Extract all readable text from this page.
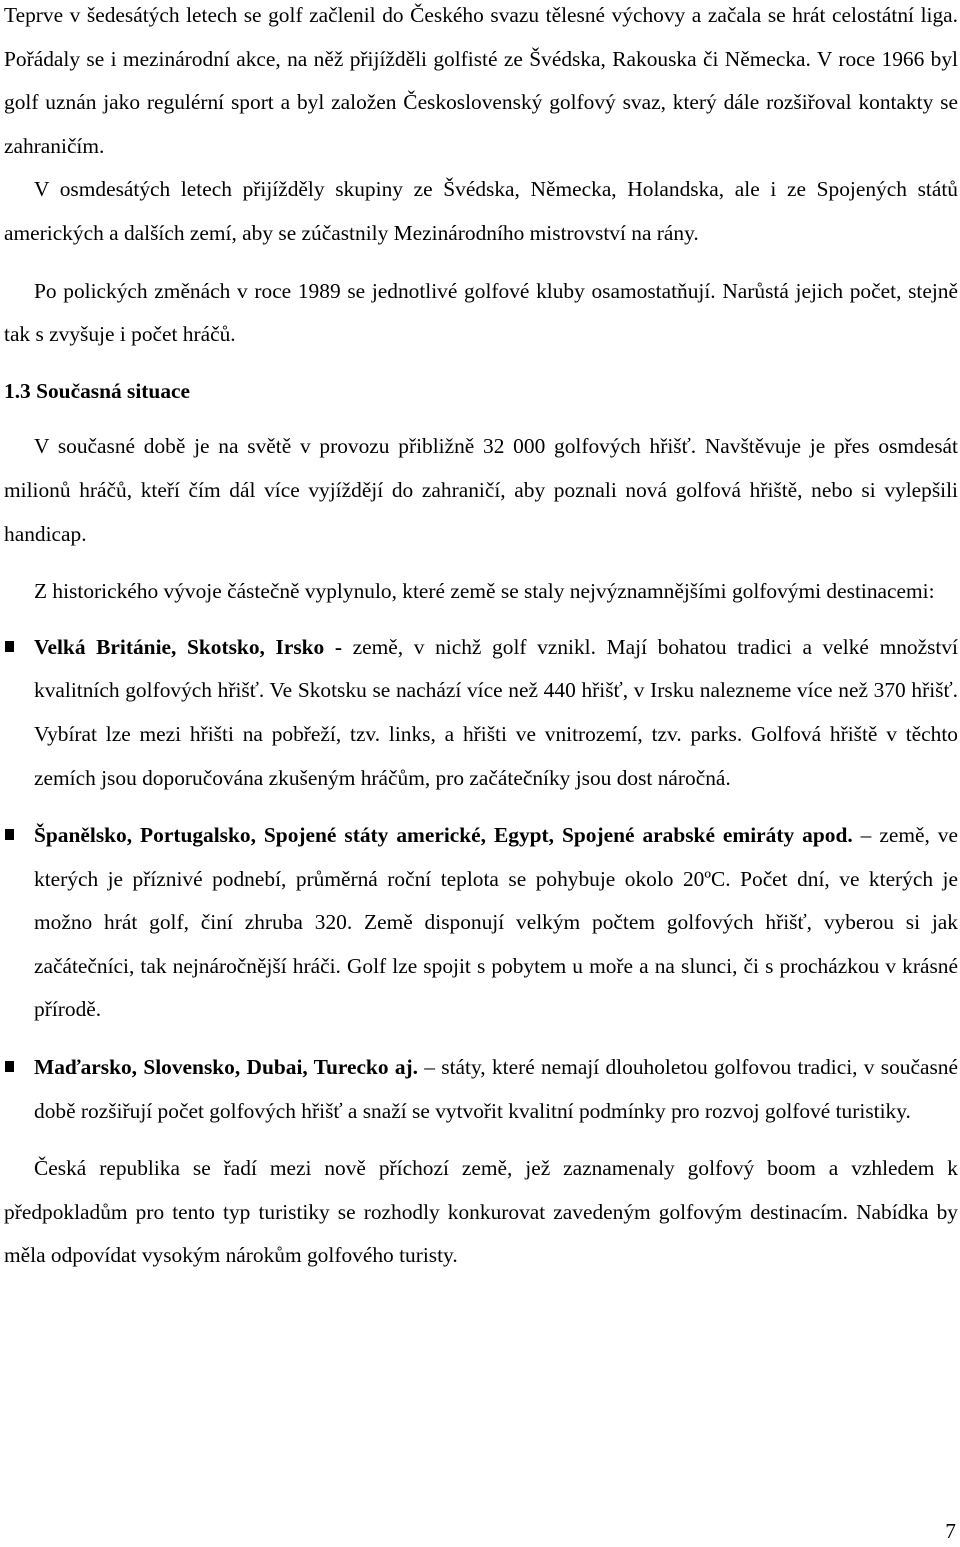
Teprve v šedesátých letech se golf začlenil do Českého svazu tělesné výchovy a začala se hrát celostátní liga. Pořádaly se i mezinárodní akce, na něž přijížděli golfisté ze Švédska, Rakouska či Německa. V roce 1966 byl golf uznán jako regulérní sport a byl založen Československý golfový svaz, který dále rozšiřoval kontakty se zahraničím.

V osmdesátých letech přijížděly skupiny ze Švédska, Německa, Holandska, ale i ze Spojených států amerických a dalších zemí, aby se zúčastnily Mezinárodního mistrovství na rány.

Po polických změnách v roce 1989 se jednotlivé golfové kluby osamostatňují. Narůstá jejich počet, stejně tak s zvyšuje i počet hráčů.

1.3 Současná situace

V současné době je na světě v provozu přibližně 32 000 golfových hřišť. Navštěvuje je přes osmdesát milionů hráčů, kteří čím dál více vyjíždějí do zahraničí, aby poznali nová golfová hřiště, nebo si vylepšili handicap.

Z historického vývoje částečně vyplynulo, které země se staly nejvýznamnějšími golfovými destinacemi:

Velká Británie, Skotsko, Irsko - země, v nichž golf vznikl. Mají bohatou tradici a velké množství kvalitních golfových hřišť. Ve Skotsku se nachází více než 440 hřišť, v Irsku nalezneme více než 370 hřišť. Vybírat lze mezi hřišti na pobřeží, tzv. links, a hřišti ve vnitrozemí, tzv. parks. Golfová hřiště v těchto zemích jsou doporučována zkušeným hráčům, pro začátečníky jsou dost náročná.

Španělsko, Portugalsko, Spojené státy americké, Egypt, Spojené arabské emiráty apod. – země, ve kterých je příznivé podnebí, průměrná roční teplota se pohybuje okolo 20ºC. Počet dní, ve kterých je možno hrát golf, činí zhruba 320. Země disponují velkým počtem golfových hřišť, vyberou si jak začátečníci, tak nejnáročnější hráči. Golf lze spojit s pobytem u moře a na slunci, či s procházkou v krásné přírodě.

Maďarsko, Slovensko, Dubai, Turecko aj. – státy, které nemají dlouholetou golfovou tradici, v současné době rozšiřují počet golfových hřišť a snaží se vytvořit kvalitní podmínky pro rozvoj golfové turistiky.

Česká republika se řadí mezi nově příchozí země, jež zaznamenaly golfový boom a vzhledem k předpokladům pro tento typ turistiky se rozhodly konkurovat zavedeným golfovým destinacím. Nabídka by měla odpovídat vysokým nárokům golfového turisty.

7
